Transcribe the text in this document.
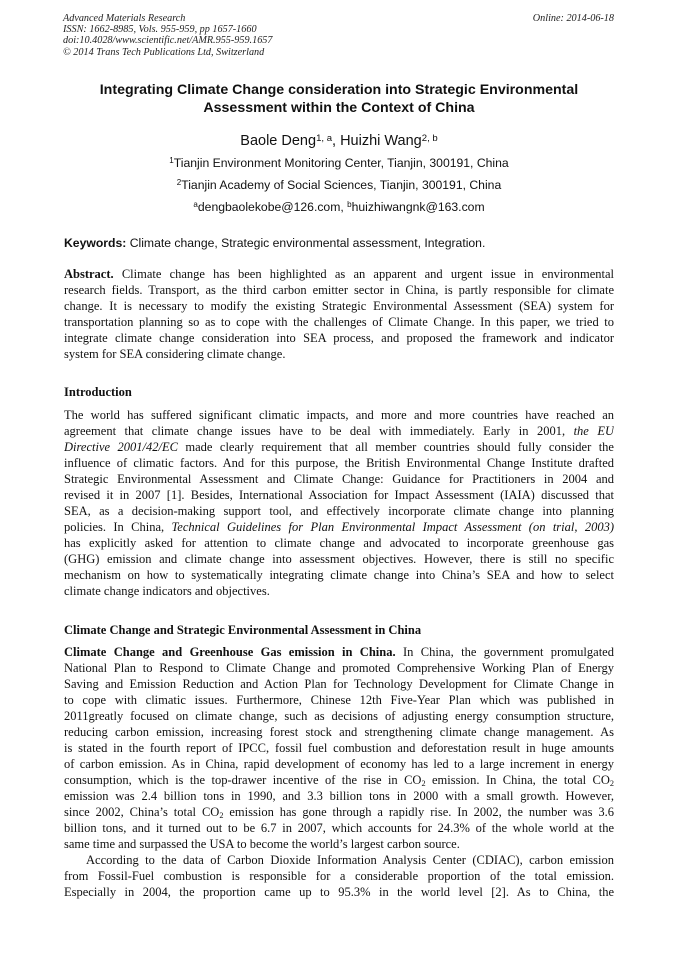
Advanced Materials Research
ISSN: 1662-8985, Vols. 955-959, pp 1657-1660
doi:10.4028/www.scientific.net/AMR.955-959.1657
© 2014 Trans Tech Publications Ltd, Switzerland
Online: 2014-06-18
Integrating Climate Change consideration into Strategic Environmental
Assessment within the Context of China
Baole Deng$^{1, a}$, Huizhi Wang$^{2, b}$
$^1$Tianjin Environment Monitoring Center, Tianjin, 300191, China
$^2$Tianjin Academy of Social Sciences, Tianjin, 300191, China
$^a$dengbaolekobe@126.com, $^b$huizhiwangnk@163.com
Keywords: Climate change, Strategic environmental assessment, Integration.
Abstract. Climate change has been highlighted as an apparent and urgent issue in environmental
research fields. Transport, as the third carbon emitter sector in China, is partly responsible for climate
change. It is necessary to modify the existing Strategic Environmental Assessment (SEA) system for
transportation planning so as to cope with the challenges of Climate Change. In this paper, we tried to
integrate climate change consideration into SEA process, and proposed the framework and indicator
system for SEA considering climate change.
Introduction
The world has suffered significant climatic impacts, and more and more countries have reached an
agreement that climate change issues have to be deal with immediately. Early in 2001, the EU
Directive 2001/42/EC made clearly requirement that all member countries should fully consider the
influence of climatic factors. And for this purpose, the British Environmental Change Institute drafted
Strategic Environmental Assessment and Climate Change: Guidance for Practitioners in 2004 and
revised it in 2007 [1]. Besides, International Association for Impact Assessment (IAIA) discussed that
SEA, as a decision-making support tool, and effectively incorporate climate change into planning
policies. In China, Technical Guidelines for Plan Environmental Impact Assessment (on trial, 2003)
has explicitly asked for attention to climate change and advocated to incorporate greenhouse gas
(GHG) emission and climate change into assessment objectives. However, there is still no specific
mechanism on how to systematically integrating climate change into China’s SEA and how to select
climate change indicators and objectives.
Climate Change and Strategic Environmental Assessment in China
Climate Change and Greenhouse Gas emission in China. In China, the government promulgated
National Plan to Respond to Climate Change and promoted Comprehensive Working Plan of Energy
Saving and Emission Reduction and Action Plan for Technology Development for Climate Change in
to cope with climatic issues. Furthermore, Chinese 12th Five-Year Plan which was published in
2011greatly focused on climate change, such as decisions of adjusting energy consumption structure,
reducing carbon emission, increasing forest stock and strengthening climate change management. As
is stated in the fourth report of IPCC, fossil fuel combustion and deforestation result in huge amounts
of carbon emission. As in China, rapid development of economy has led to a large increment in energy
consumption, which is the top-drawer incentive of the rise in $CO_2$ emission. In China, the total $CO_2$
emission was 2.4 billion tons in 1990, and 3.3 billion tons in 2000 with a small growth. However,
since 2002, China’s total $CO_2$ emission has gone through a rapidly rise. In 2002, the number was 3.6
billion tons, and it turned out to be 6.7 in 2007, which accounts for 24.3% of the whole world at the
same time and surpassed the USA to become the world’s largest carbon source.
According to the data of Carbon Dioxide Information Analysis Center (CDIAC), carbon emission
from Fossil-Fuel combustion is responsible for a considerable proportion of the total emission.
Especially in 2004, the proportion came up to 95.3% in the world level [2]. As to China, the
